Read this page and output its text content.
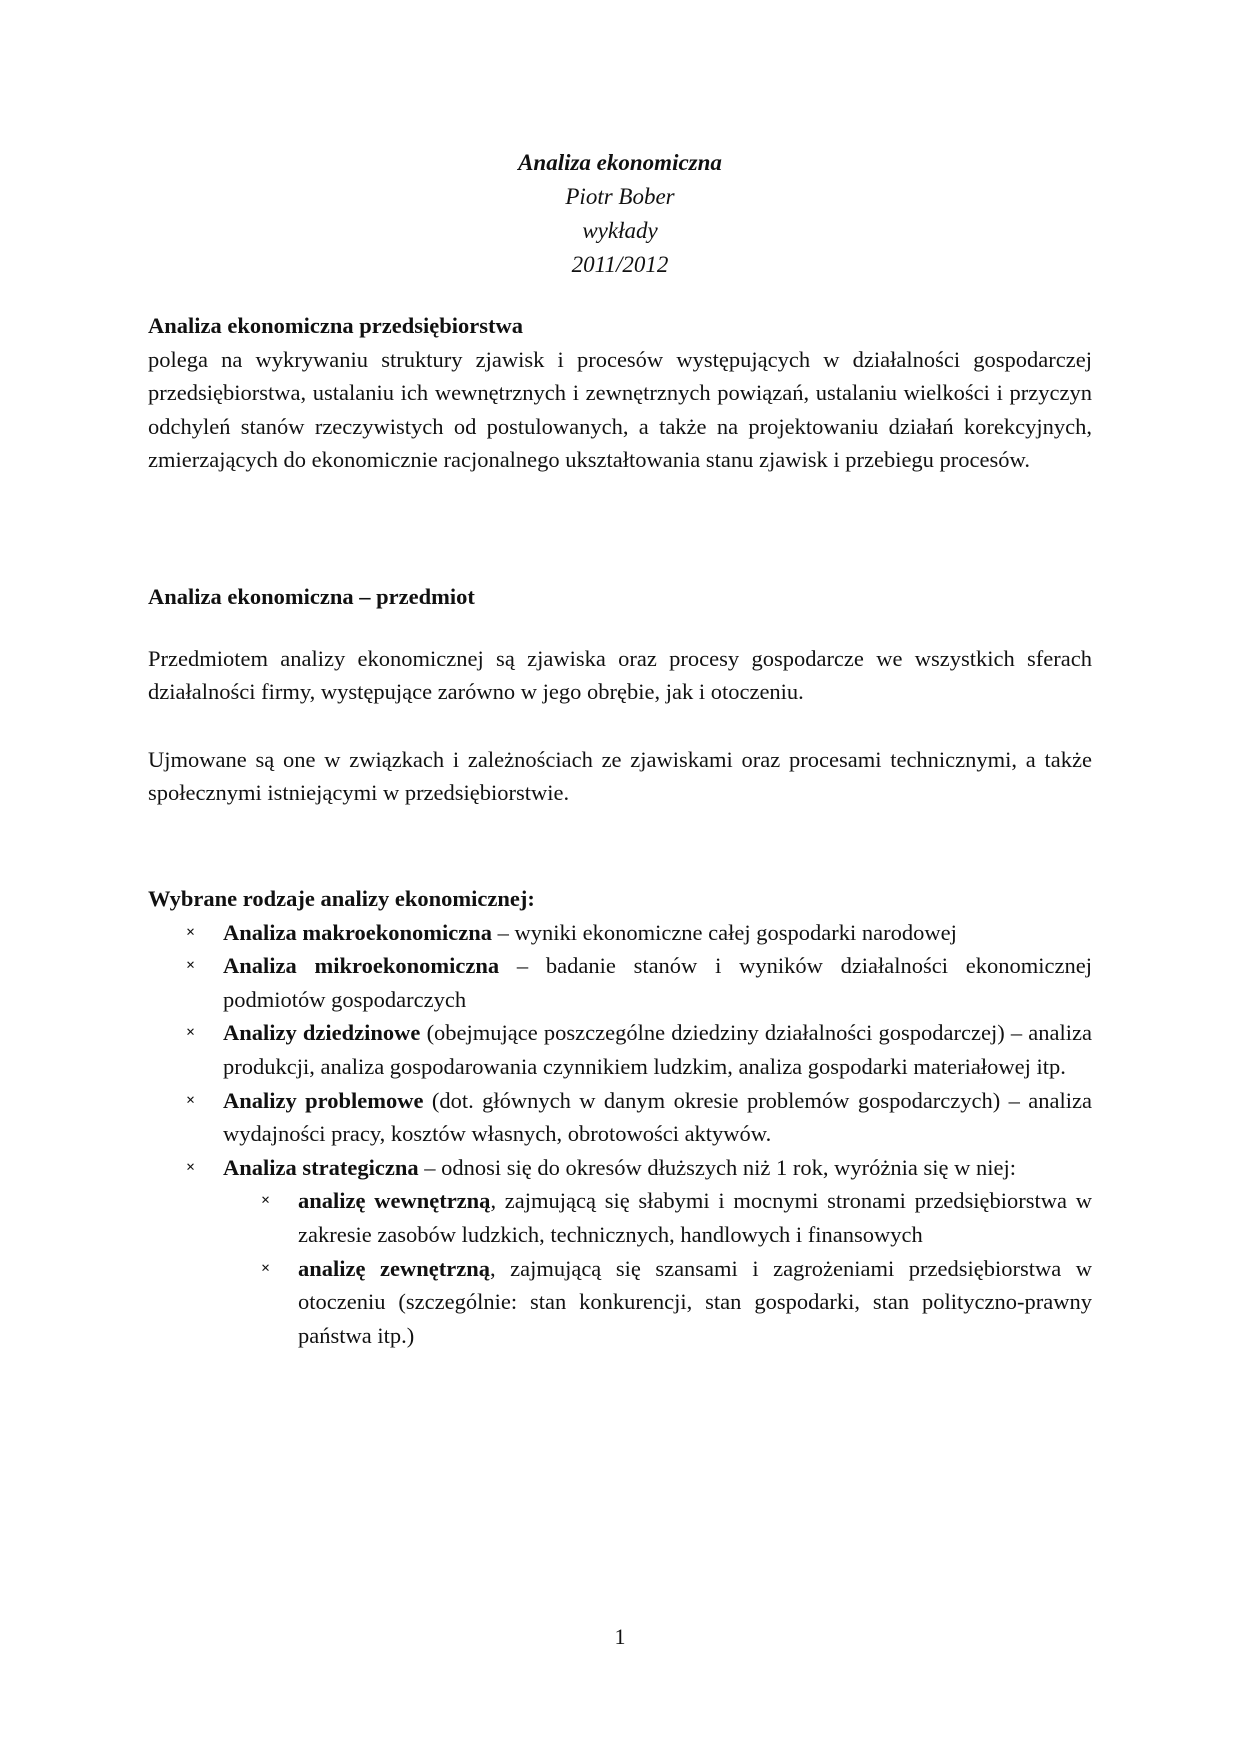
Analiza ekonomiczna
Piotr Bober
wykłady
2011/2012
Analiza ekonomiczna przedsiębiorstwa
polega na wykrywaniu struktury zjawisk i procesów występujących w działalności gospodarczej przedsiębiorstwa, ustalaniu ich wewnętrznych i zewnętrznych powiązań, ustalaniu wielkości i przyczyn odchyleń stanów rzeczywistych od postulowanych, a także na projektowaniu działań korekcyjnych, zmierzających do ekonomicznie racjonalnego ukształtowania stanu zjawisk i przebiegu procesów.
Analiza ekonomiczna – przedmiot
Przedmiotem analizy ekonomicznej są zjawiska oraz procesy gospodarcze we wszystkich sferach działalności firmy, występujące zarówno w jego obrębie, jak i otoczeniu.
Ujmowane są one w związkach i zależnościach ze zjawiskami oraz procesami technicznymi, a także społecznymi istniejącymi w przedsiębiorstwie.
Wybrane rodzaje analizy ekonomicznej:
× Analiza makroekonomiczna – wyniki ekonomiczne całej gospodarki narodowej
× Analiza mikroekonomiczna – badanie stanów i wyników działalności ekonomicznej podmiotów gospodarczych
× Analizy dziedzinowe (obejmujące poszczególne dziedziny działalności gospodarczej) – analiza produkcji, analiza gospodarowania czynnikiem ludzkim, analiza gospodarki materiałowej itp.
× Analizy problemowe (dot. głównych w danym okresie problemów gospodarczych) – analiza wydajności pracy, kosztów własnych, obrotowości aktywów.
× Analiza strategiczna – odnosi się do okresów dłuższych niż 1 rok, wyróżnia się w niej:
× analizę wewnętrzną, zajmującą się słabymi i mocnymi stronami przedsiębiorstwa w zakresie zasobów ludzkich, technicznych, handlowych i finansowych
× analizę zewnętrzną, zajmującą się szansami i zagrożeniami przedsiębiorstwa w otoczeniu (szczególnie: stan konkurencji, stan gospodarki, stan polityczno-prawny państwa itp.)
1
